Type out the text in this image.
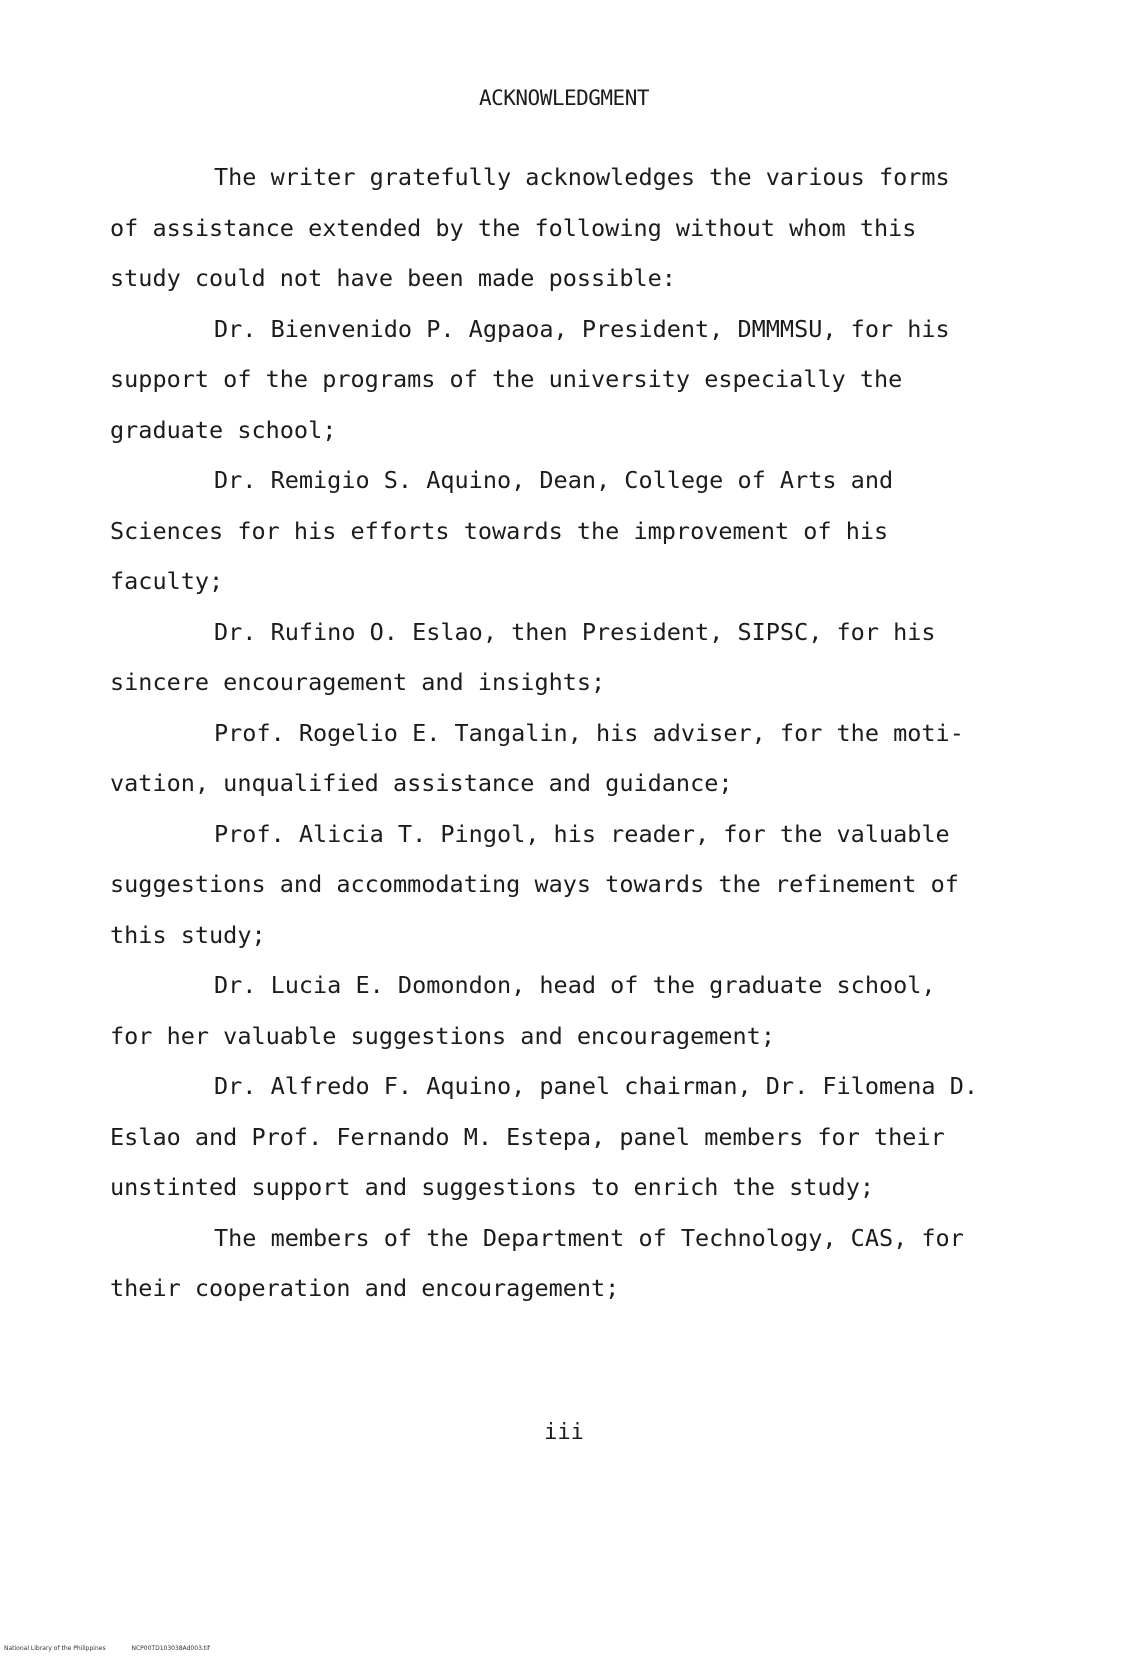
ACKNOWLEDGMENT
The writer gratefully acknowledges the various forms
of assistance extended by the following without whom this
study could not have been made possible:
Dr. Bienvenido P. Agpaoa, President, DMMMSU, for his
support of the programs of the university especially the
graduate school;
Dr. Remigio S. Aquino, Dean, College of Arts and
Sciences for his efforts towards the improvement of his
faculty;
Dr. Rufino O. Eslao, then President, SIPSC, for his
sincere encouragement and insights;
Prof. Rogelio E. Tangalin, his adviser, for the moti-
vation, unqualified assistance and guidance;
Prof. Alicia T. Pingol, his reader, for the valuable
suggestions and accommodating ways towards the refinement of
this study;
Dr. Lucia E. Domondon, head of the graduate school,
for her valuable suggestions and encouragement;
Dr. Alfredo F. Aquino, panel chairman, Dr. Filomena D.
Eslao and Prof. Fernando M. Estepa, panel members for their
unstinted support and suggestions to enrich the study;
The members of the Department of Technology, CAS, for
their cooperation and encouragement;
iii
National Library of the Philippines	NCP00TD103038Ad003.tif
